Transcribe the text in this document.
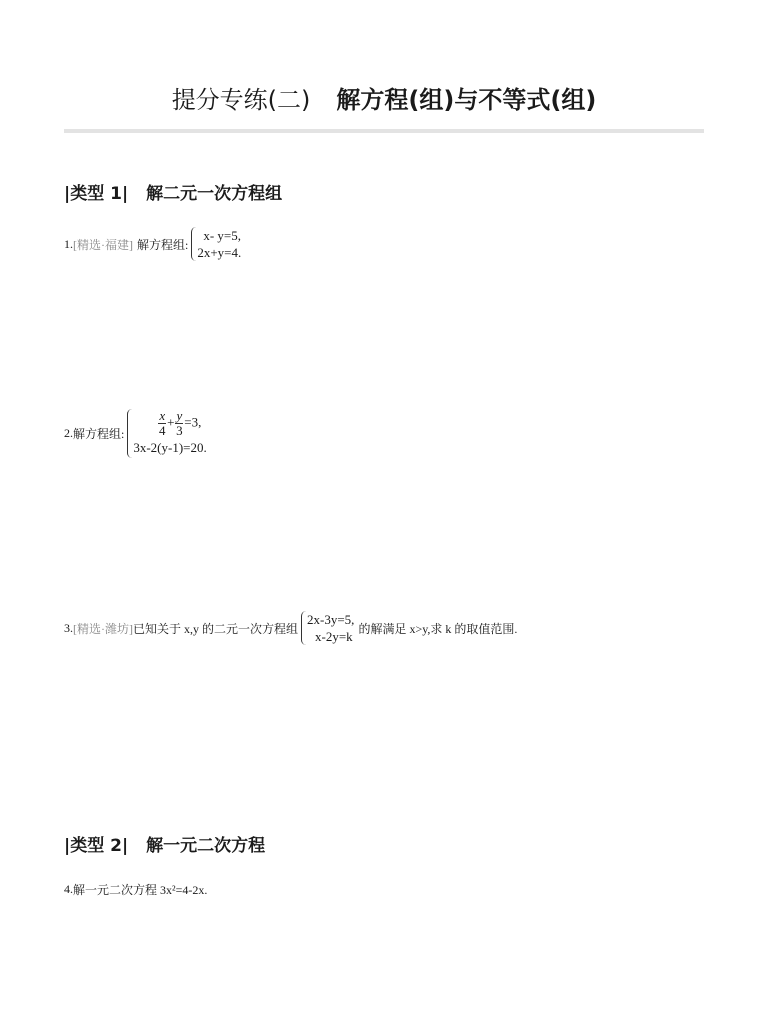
提分专练(二) 解方程(组)与不等式(组)
|类型 1| 解二元一次方程组
1. [精选·福建] 解方程组:
x- y=5,
2x+y=4.
2. 解方程组:	$\frac{x}{4} + \frac{y}{3} =3$,
3x-2(y-1)=20.
3. [精选·潍坊] 已知关于 x,y 的二元一次方程组
2x-3y=5,
x-2y=k
的解满足 x>y,求 k 的取值范围.
|类型 2| 解一元二次方程
4. 解一元二次方程 3x²=4-2x.
